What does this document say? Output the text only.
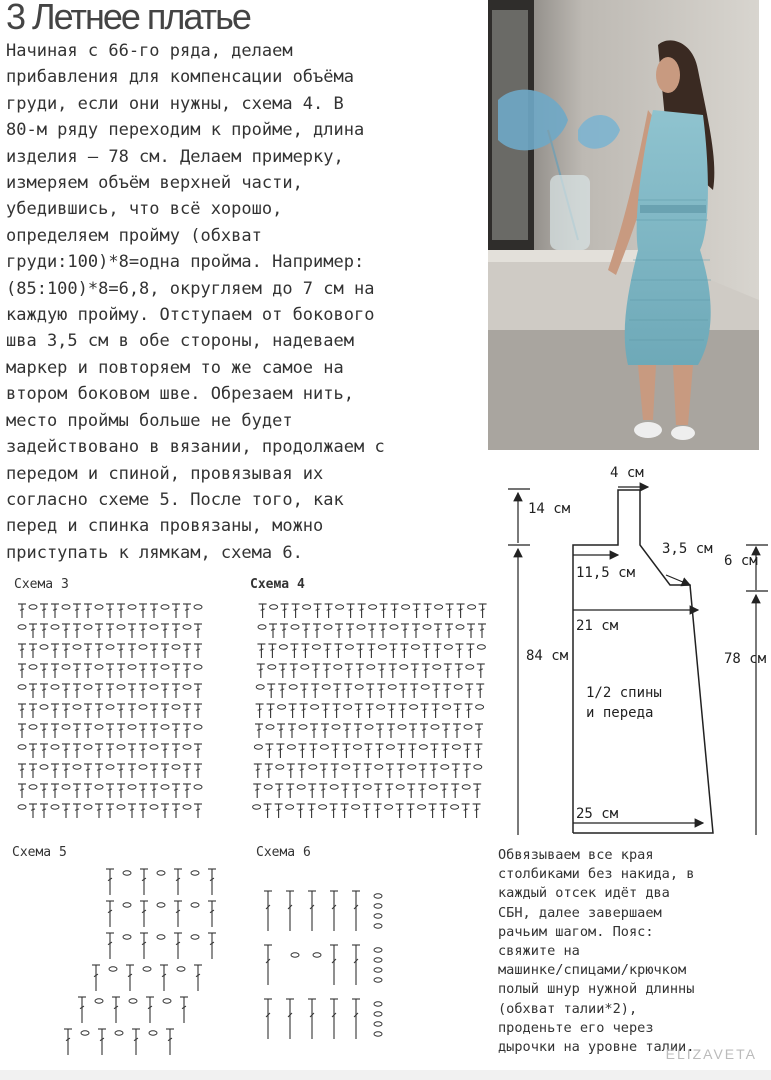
3 Летнее платье
Начиная с 66-го ряда, делаем
прибавления для компенсации объёма
груди, если они нужны, схема 4. В
80-м ряду переходим к пройме, длина
изделия – 78 см. Делаем примерку,
измеряем объём верхней части,
убедившись, что всё хорошо,
определяем пройму (обхват
груди:100)*8=одна пройма. Например:
(85:100)*8=6,8, округляем до 7 см на
каждую пройму. Отступаем от бокового
шва 3,5 см в обе стороны, надеваем
маркер и повторяем то же самое на
втором боковом шве. Обрезаем нить,
место проймы больше не будет
задействовано в вязании, продолжаем с
передом и спиной, провязывая их
согласно схеме 5. После того, как
перед и спинка провязаны, можно
приступать к лямкам, схема 6.
Схема 3	Схема 4
Схема 5	Схема 6
4 см
14 см
84 см
11,5 см
3,5 см
21 см
6 см
78 см
1/2 спины
и переда
25 см
Обвязываем все края
столбиками без накида, в
каждый отсек идёт два
СБН, далее завершаем
рачьим шагом. Пояс:
свяжите на
машинке/спицами/крючком
полый шнур нужной длинны
(обхват талии*2),
проденьте его через
дырочки на уровне талии.
ELIZAVETA
